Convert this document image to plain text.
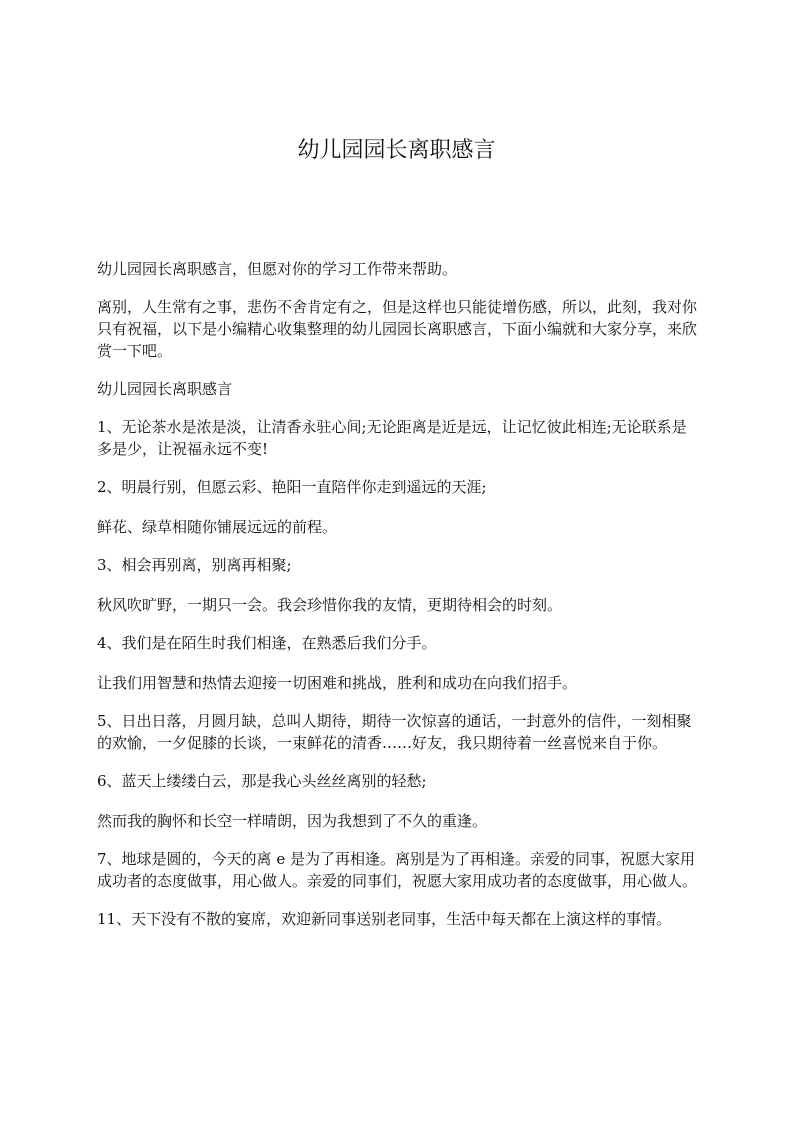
幼儿园园长离职感言

幼儿园园长离职感言，但愿对你的学习工作带来帮助。

离别，人生常有之事，悲伤不舍肯定有之，但是这样也只能徒增伤感，所以，此刻，我对你只有祝福，以下是小编精心收集整理的幼儿园园长离职感言，下面小编就和大家分享，来欣赏一下吧。

幼儿园园长离职感言

1、无论茶水是浓是淡，让清香永驻心间;无论距离是近是远，让记忆彼此相连;无论联系是多是少，让祝福永远不变!

2、明晨行别，但愿云彩、艳阳一直陪伴你走到遥远的天涯;

鲜花、绿草相随你铺展远远的前程。

3、相会再别离，别离再相聚;

秋风吹旷野，一期只一会。我会珍惜你我的友情，更期待相会的时刻。

4、我们是在陌生时我们相逢，在熟悉后我们分手。

让我们用智慧和热情去迎接一切困难和挑战，胜利和成功在向我们招手。

5、日出日落，月圆月缺，总叫人期待，期待一次惊喜的通话，一封意外的信件，一刻相聚的欢愉，一夕促膝的长谈，一束鲜花的清香……好友，我只期待着一丝喜悦来自于你。

6、蓝天上缕缕白云，那是我心头丝丝离别的轻愁;

然而我的胸怀和长空一样晴朗，因为我想到了不久的重逢。

7、地球是圆的，今天的离 e 是为了再相逢。离别是为了再相逢。亲爱的同事，祝愿大家用成功者的态度做事，用心做人。亲爱的同事们，祝愿大家用成功者的态度做事，用心做人。

11、天下没有不散的宴席，欢迎新同事送别老同事，生活中每天都在上演这样的事情。
